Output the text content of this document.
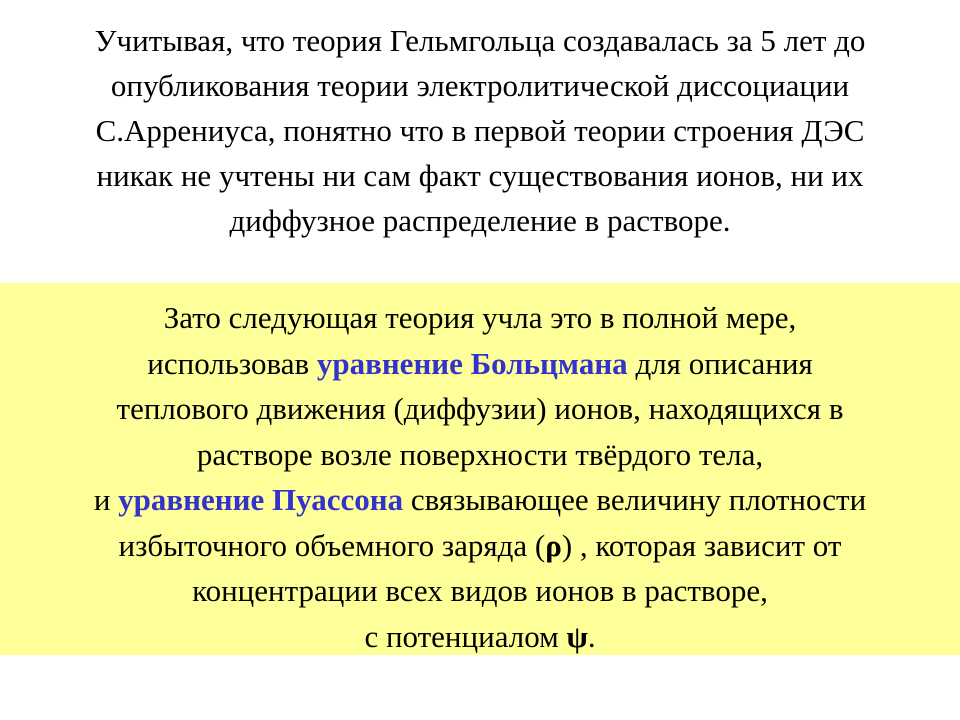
Учитывая, что теория Гельмгольца создавалась за 5 лет до
опубликования теории электролитической диссоциации
С.Аррениуса, понятно что в первой теории строения ДЭС
никак не учтены ни сам факт существования ионов, ни их
диффузное распределение в растворе.
Зато следующая теория учла это в полной мере,
использовав уравнение Больцмана для описания
теплового движения (диффузии) ионов, находящихся в
растворе возле поверхности твёрдого тела,
и уравнение Пуассона связывающее величину плотности
избыточного объемного заряда (ρ) , которая зависит от
концентрации всех видов ионов в растворе,
с потенциалом ψ.
